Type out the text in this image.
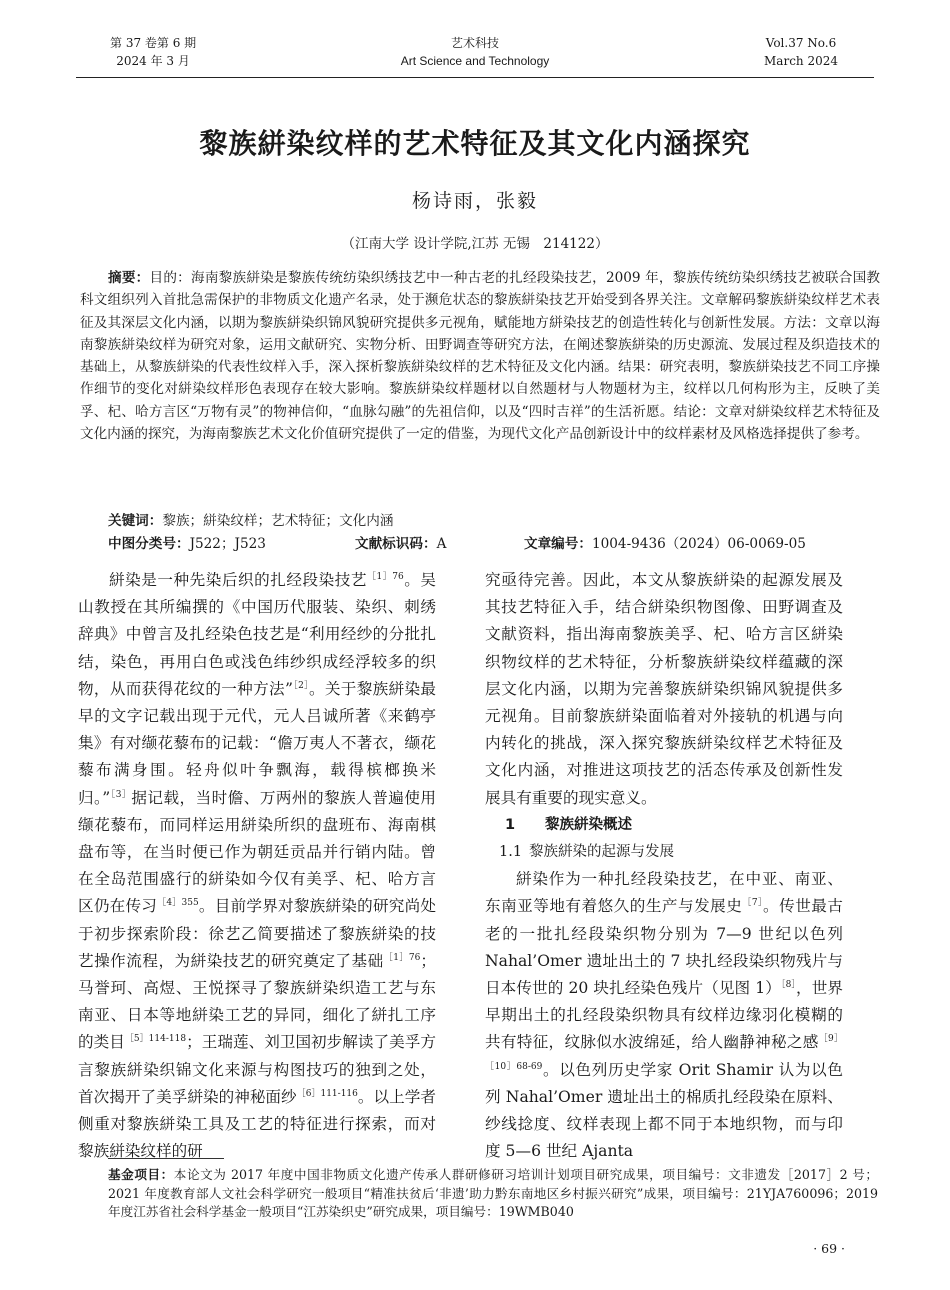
第 37 卷第 6 期
2024 年 3 月
艺术科技
Art Science and Technology
Vol.37 No.6
March 2024
黎族絣染纹样的艺术特征及其文化内涵探究
杨诗雨，张毅
（江南大学 设计学院,江苏 无锡　214122）

摘要：目的：海南黎族絣染是黎族传统纺染织绣技艺中一种古老的扎经段染技艺，2009 年，黎族传统纺染织绣技艺被联合国教科文组织列入首批急需保护的非物质文化遗产名录，处于濒危状态的黎族絣染技艺开始受到各界关注。文章解码黎族絣染纹样艺术表征及其深层文化内涵，以期为黎族絣染织锦风貌研究提供多元视角，赋能地方絣染技艺的创造性转化与创新性发展。方法：文章以海南黎族絣染纹样为研究对象，运用文献研究、实物分析、田野调查等研究方法，在阐述黎族絣染的历史源流、发展过程及织造技术的基础上，从黎族絣染的代表性纹样入手，深入探析黎族絣染纹样的艺术特征及文化内涵。结果：研究表明，黎族絣染技艺不同工序操作细节的变化对絣染纹样形色表现存在较大影响。黎族絣染纹样题材以自然题材与人物题材为主，纹样以几何构形为主，反映了美孚、杞、哈方言区“万物有灵”的物神信仰，“血脉勾融”的先祖信仰，以及“四时吉祥”的生活祈愿。结论：文章对絣染纹样艺术特征及文化内涵的探究，为海南黎族艺术文化价值研究提供了一定的借鉴，为现代文化产品创新设计中的纹样素材及风格选择提供了参考。

关键词：黎族；絣染纹样；艺术特征；文化内涵
中图分类号：J522；J523	文献标识码：A	文章编号：1004-9436（2024）06-0069-05

絣染是一种先染后织的扎经段染技艺$^{[1]76}$。吴山教授在其所编撰的《中国历代服装、染织、刺绣辞典》中曾言及扎经染色技艺是“利用经纱的分批扎结，染色，再用白色或浅色纬纱织成经浮较多的织物，从而获得花纹的一种方法”$^{[2]}$。关于黎族絣染最早的文字记载出现于元代，元人吕诚所著《来鹤亭集》有对缬花藜布的记载：“儋万夷人不著衣，缬花藜布满身围。轻舟似叶争飘海，载得槟榔换米归。”$^{[3]}$据记载，当时儋、万两州的黎族人普遍使用缬花藜布，而同样运用絣染所织的盘班布、海南棋盘布等，在当时便已作为朝廷贡品并行销内陆。曾在全岛范围盛行的絣染如今仅有美孚、杞、哈方言区仍在传习$^{[4]355}$。目前学界对黎族絣染的研究尚处于初步探索阶段：徐艺乙简要描述了黎族絣染的技艺操作流程，为絣染技艺的研究奠定了基础$^{[1]76}$；马誉珂、高煜、王悦探寻了黎族絣染织造工艺与东南亚、日本等地絣染工艺的异同，细化了絣扎工序的类目$^{[5]114-118}$；王瑞莲、刘卫国初步解读了美孚方言黎族絣染织锦文化来源与构图技巧的独到之处，首次揭开了美孚絣染的神秘面纱$^{[6]111-116}$。以上学者侧重对黎族絣染工具及工艺的特征进行探索，而对黎族絣染纹样的研

究亟待完善。因此，本文从黎族絣染的起源发展及其技艺特征入手，结合絣染织物图像、田野调查及文献资料，指出海南黎族美孚、杞、哈方言区絣染织物纹样的艺术特征，分析黎族絣染纹样蕴藏的深层文化内涵，以期为完善黎族絣染织锦风貌提供多元视角。目前黎族絣染面临着对外接轨的机遇与向内转化的挑战，深入探究黎族絣染纹样艺术特征及文化内涵，对推进这项技艺的活态传承及创新性发展具有重要的现实意义。

1 黎族絣染概述
1.1 黎族絣染的起源与发展

絣染作为一种扎经段染技艺，在中亚、南亚、东南亚等地有着悠久的生产与发展史$^{[7]}$。传世最古老的一批扎经段染织物分别为 7—9 世纪以色列 Nahal’Omer 遗址出土的 7 块扎经段染织物残片与日本传世的 20 块扎经染色残片（见图 1）$^{[8]}$，世界早期出土的扎经段染织物具有纹样边缘羽化模糊的共有特征，纹脉似水波绵延，给人幽静神秘之感$^{[9][10]68-69}$。以色列历史学家 Orit Shamir 认为以色列 Nahal’Omer 遗址出土的棉质扎经段染在原料、纱线捻度、纹样表现上都不同于本地织物，而与印度 5—6 世纪 Ajanta

基金项目：本论文为 2017 年度中国非物质文化遗产传承人群研修研习培训计划项目研究成果，项目编号：文非遗发［2017］2 号；2021 年度教育部人文社会科学研究一般项目“精准扶贫后‘非遗’助力黔东南地区乡村振兴研究”成果，项目编号：21YJA760096；2019 年度江苏省社会科学基金一般项目“江苏染织史”研究成果，项目编号：19WMB040
· 69 ·
